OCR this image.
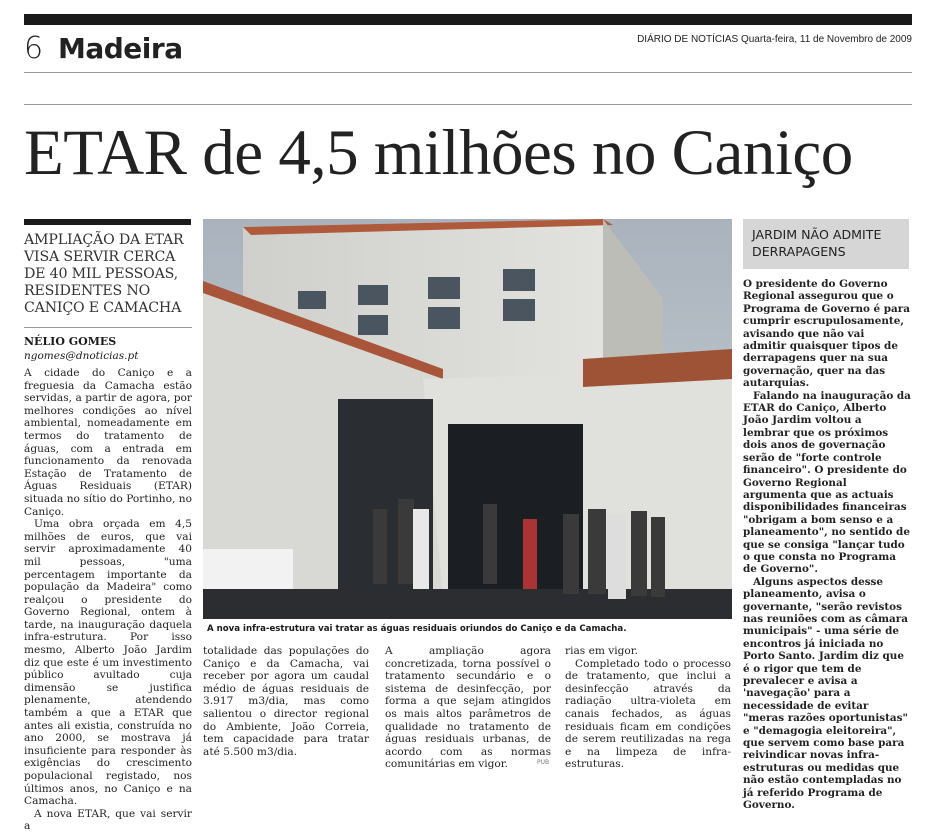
6 Madeira	DIÁRIO DE NOTÍCIAS Quarta-feira, 11 de Novembro de 2009
ETAR de 4,5 milhões no Caniço
AMPLIAÇÃO DA ETAR VISA SERVIR CERCA DE 40 MIL PESSOAS, RESIDENTES NO CANIÇO E CAMACHA
NÉLIO GOMES
ngomes@dnoticias.pt

A cidade do Caniço e a freguesia da Camacha estão servidas, a partir de agora, por melhores condições ao nível ambiental, nomeadamente em termos do tratamento de águas, com a entrada em funcionamento da renovada Estação de Tratamento de Águas Residuais (ETAR) situada no sítio do Portinho, no Caniço.

Uma obra orçada em 4,5 milhões de euros, que vai servir aproximadamente 40 mil pessoas, "uma percentagem importante da população da Madeira" como realçou o presidente do Governo Regional, ontem à tarde, na inauguração daquela infra-estrutura. Por isso mesmo, Alberto João Jardim diz que este é um investimento público avultado cuja dimensão se justifica plenamente, atendendo também a que a ETAR que antes ali existia, construída no ano 2000, se mostrava já insuficiente para responder às exigências do crescimento populacional registado, nos últimos anos, no Caniço e na Camacha.

A nova ETAR, que vai servir a

A nova infra-estrutura vai tratar as águas residuais oriundos do Caniço e da Camacha.

totalidade das populações do Caniço e da Camacha, vai receber por agora um caudal médio de águas residuais de 3.917 m3/dia, mas como salientou o director regional do Ambiente, João Correia, tem capacidade para tratar até 5.500 m3/dia.

A ampliação agora concretizada, torna possível o tratamento secundário e o sistema de desinfecção, por forma a que sejam atingidos os mais altos parâmetros de qualidade no tratamento de águas residuais urbanas, de acordo com as normas comunitárias em vigor.

rias em vigor.

Completado todo o processo de tratamento, que inclui a desinfecção através da radiação ultra-violeta em canais fechados, as águas residuais ficam em condições de serem reutilizadas na rega e na limpeza de infra-estruturas.

JARDIM NÃO ADMITE DERRAPAGENS

O presidente do Governo Regional assegurou que o Programa de Governo é para cumprir escrupulosamente, avisando que não vai admitir quaisquer tipos de derrapagens quer na sua governação, quer na das autarquias.

Falando na inauguração da ETAR do Caniço, Alberto João Jardim voltou a lembrar que os próximos dois anos de governação serão de "forte controle financeiro". O presidente do Governo Regional argumenta que as actuais disponibilidades financeiras "obrigam a bom senso e a planeamento", no sentido de que se consiga "lançar tudo o que consta no Programa de Governo".

Alguns aspectos desse planeamento, avisa o governante, "serão revistos nas reuniões com as câmara municipais" - uma série de encontros já iniciada no Porto Santo. Jardim diz que é o rigor que tem de prevalecer e avisa a 'navegação' para a necessidade de evitar "meras razões oportunistas" e "demagogia eleitoreira", que servem como base para reivindicar novas infra-estruturas ou medidas que não estão contempladas no já referido Programa de Governo.

PUB
